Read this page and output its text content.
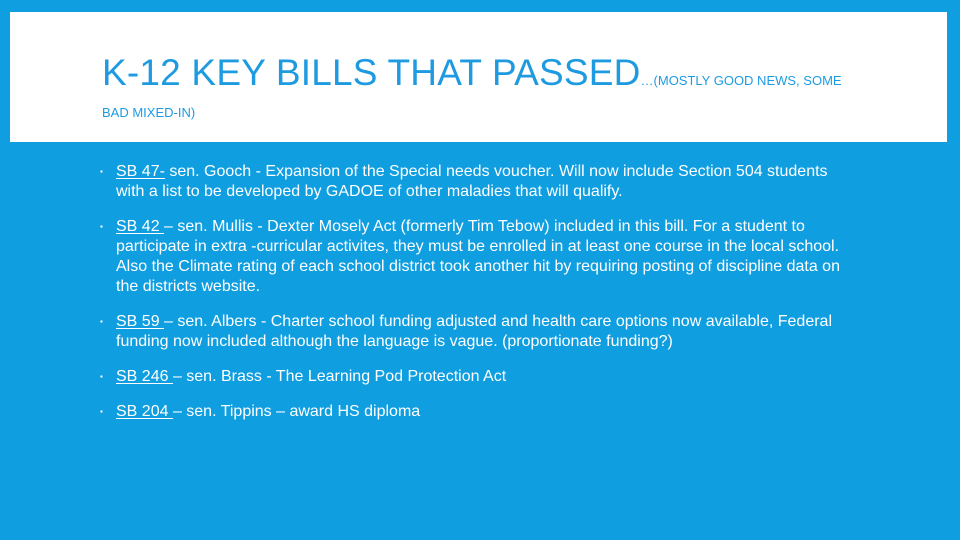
K-12 KEY BILLS THAT PASSED…(MOSTLY GOOD NEWS, SOME
BAD MIXED-IN)
▪ SB 47- sen. Gooch - Expansion of the Special needs voucher. Will now include Section 504 students with a list to be developed by GADOE of other maladies that will qualify.
▪ SB 42 – sen. Mullis - Dexter Mosely Act (formerly Tim Tebow) included in this bill. For a student to participate in extra -curricular activites, they must be enrolled in at least one course in the local school. Also the Climate rating of each school district took another hit by requiring posting of discipline data on the districts website.
▪ SB 59 – sen. Albers - Charter school funding adjusted and health care options now available, Federal funding now included although the language is vague. (proportionate funding?)
▪ SB 246 – sen. Brass - The Learning Pod Protection Act
▪ SB 204 – sen. Tippins – award HS diploma
